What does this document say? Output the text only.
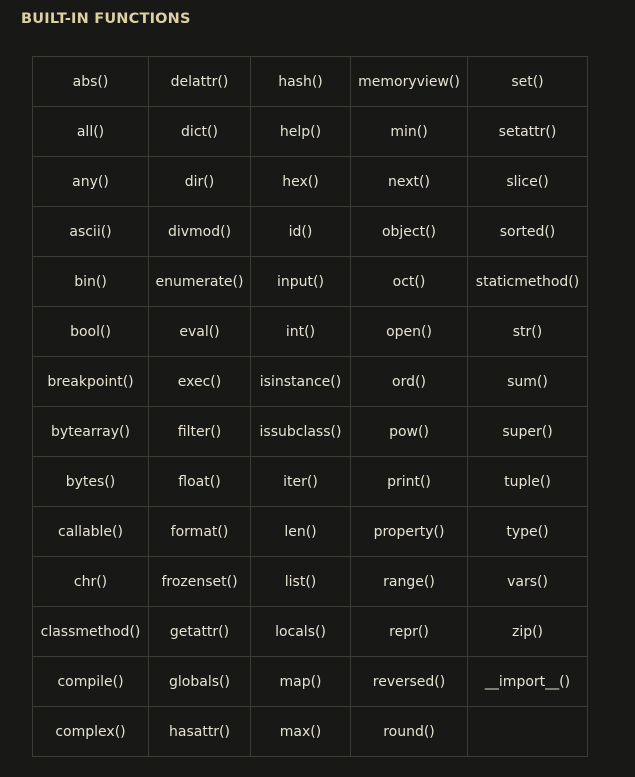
BUILT-IN FUNCTIONS
abs()	delattr()	hash()	memoryview()	set()
all()	dict()	help()	min()	setattr()
any()	dir()	hex()	next()	slice()
ascii()	divmod()	id()	object()	sorted()
bin()	enumerate()	input()	oct()	staticmethod()
bool()	eval()	int()	open()	str()
breakpoint()	exec()	isinstance()	ord()	sum()
bytearray()	filter()	issubclass()	pow()	super()
bytes()	float()	iter()	print()	tuple()
callable()	format()	len()	property()	type()
chr()	frozenset()	list()	range()	vars()
classmethod()	getattr()	locals()	repr()	zip()
compile()	globals()	map()	reversed()	__import__()
complex()	hasattr()	max()	round()	
